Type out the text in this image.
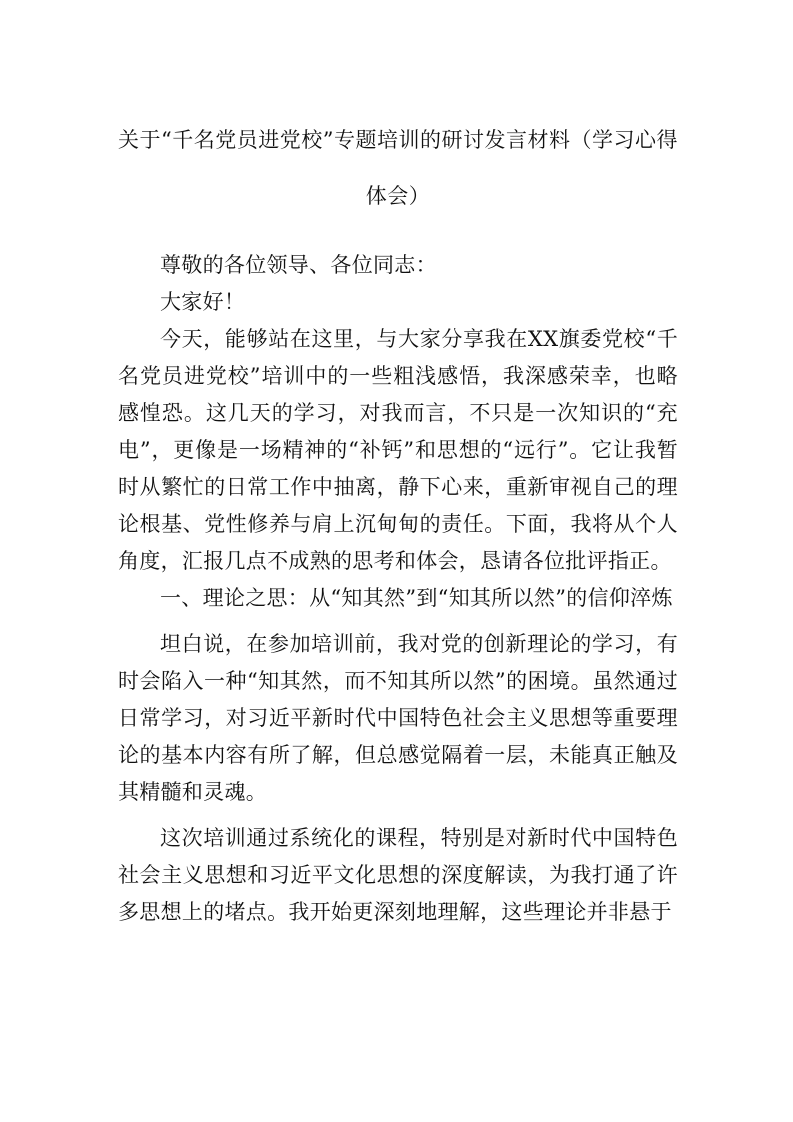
关于“千名党员进党校”专题培训的研讨发言材料（学习心得体会）

尊敬的各位领导、各位同志：

大家好！

今天，能够站在这里，与大家分享我在XX旗委党校“千名党员进党校”培训中的一些粗浅感悟，我深感荣幸，也略感惶恐。这几天的学习，对我而言，不只是一次知识的“充电”，更像是一场精神的“补钙”和思想的“远行”。它让我暂时从繁忙的日常工作中抽离，静下心来，重新审视自己的理论根基、党性修养与肩上沉甸甸的责任。下面，我将从个人角度，汇报几点不成熟的思考和体会，恳请各位批评指正。

一、理论之思：从“知其然”到“知其所以然”的信仰淬炼

坦白说，在参加培训前，我对党的创新理论的学习，有时会陷入一种“知其然，而不知其所以然”的困境。虽然通过日常学习，对习近平新时代中国特色社会主义思想等重要理论的基本内容有所了解，但总感觉隔着一层，未能真正触及其精髓和灵魂。

这次培训通过系统化的课程，特别是对新时代中国特色社会主义思想和习近平文化思想的深度解读，为我打通了许多思想上的堵点。我开始更深刻地理解，这些理论并非悬于
